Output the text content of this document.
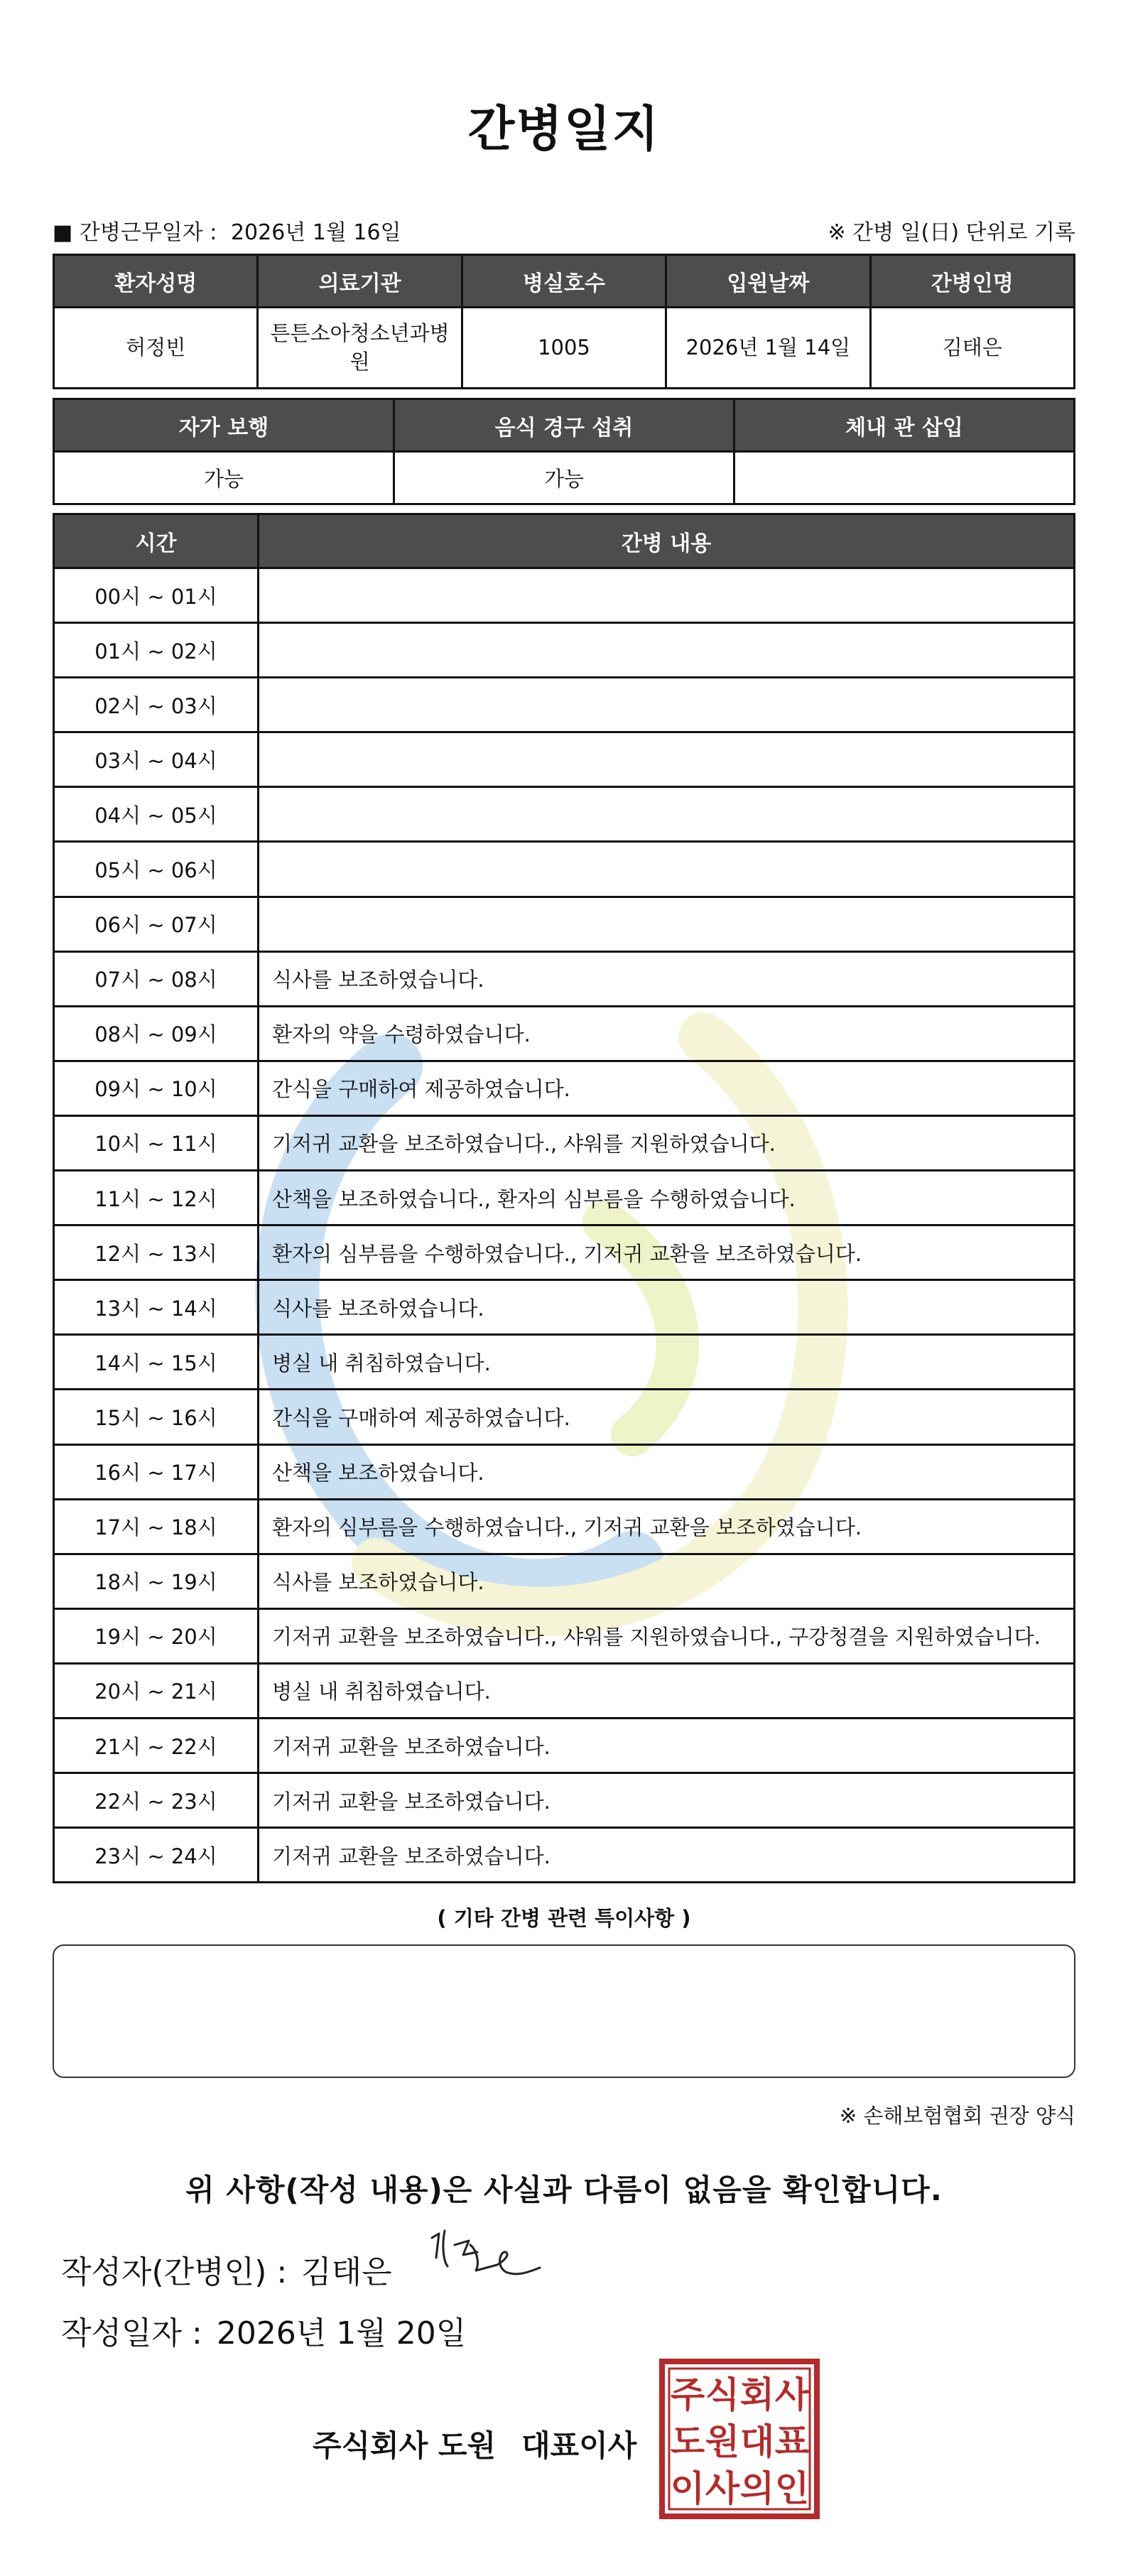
간병일지
■ 간병근무일자 : 2026년 1월 16일	※ 간병 일(日) 단위로 기록
환자성명	의료기관	병실호수	입원날짜	간병인명
허정빈	튼튼소아청소년과병원	1005	2026년 1월 14일	김태은
자가 보행	음식 경구 섭취	체내 관 삽입
가능	가능	
시간	간병 내용
00시 ~ 01시	
01시 ~ 02시	
02시 ~ 03시	
03시 ~ 04시	
04시 ~ 05시	
05시 ~ 06시	
06시 ~ 07시	
07시 ~ 08시	식사를 보조하였습니다.
08시 ~ 09시	환자의 약을 수령하였습니다.
09시 ~ 10시	간식을 구매하여 제공하였습니다.
10시 ~ 11시	기저귀 교환을 보조하였습니다., 샤워를 지원하였습니다.
11시 ~ 12시	산책을 보조하였습니다., 환자의 심부름을 수행하였습니다.
12시 ~ 13시	환자의 심부름을 수행하였습니다., 기저귀 교환을 보조하였습니다.
13시 ~ 14시	식사를 보조하였습니다.
14시 ~ 15시	병실 내 취침하였습니다.
15시 ~ 16시	간식을 구매하여 제공하였습니다.
16시 ~ 17시	산책을 보조하였습니다.
17시 ~ 18시	환자의 심부름을 수행하였습니다., 기저귀 교환을 보조하였습니다.
18시 ~ 19시	식사를 보조하였습니다.
19시 ~ 20시	기저귀 교환을 보조하였습니다., 샤워를 지원하였습니다., 구강청결을 지원하였습니다.
20시 ~ 21시	병실 내 취침하였습니다.
21시 ~ 22시	기저귀 교환을 보조하였습니다.
22시 ~ 23시	기저귀 교환을 보조하였습니다.
23시 ~ 24시	기저귀 교환을 보조하였습니다.
( 기타 간병 관련 특이사항 )
※ 손해보험협회 권장 양식
위 사항(작성 내용)은 사실과 다름이 없음을 확인합니다.
작성자(간병인) : 김태은
작성일자 : 2026년 1월 20일
주식회사 도원 대표이사
주 식 회 사
도 원 대 표
이 사 의 인
